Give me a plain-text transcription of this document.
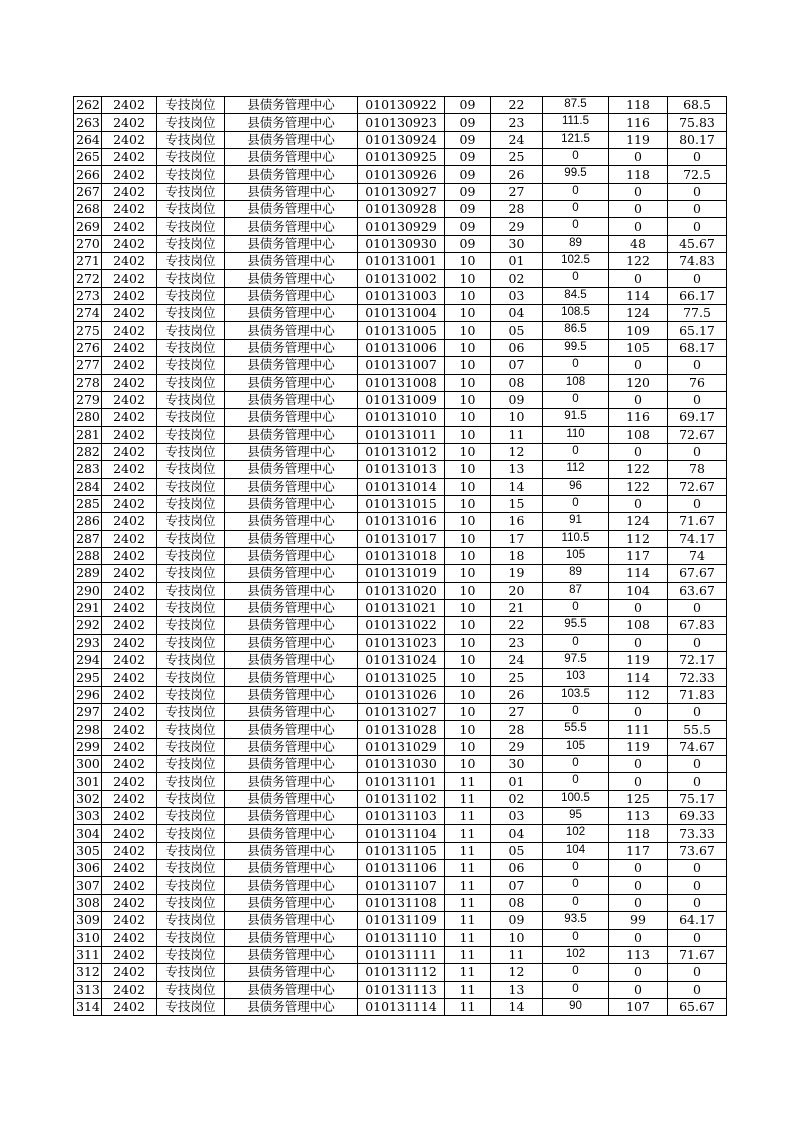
262	2402	专技岗位	县债务管理中心	010130922	09	22	87.5	118	68.5
263	2402	专技岗位	县债务管理中心	010130923	09	23	111.5	116	75.83
264	2402	专技岗位	县债务管理中心	010130924	09	24	121.5	119	80.17
265	2402	专技岗位	县债务管理中心	010130925	09	25	0	0	0
266	2402	专技岗位	县债务管理中心	010130926	09	26	99.5	118	72.5
267	2402	专技岗位	县债务管理中心	010130927	09	27	0	0	0
268	2402	专技岗位	县债务管理中心	010130928	09	28	0	0	0
269	2402	专技岗位	县债务管理中心	010130929	09	29	0	0	0
270	2402	专技岗位	县债务管理中心	010130930	09	30	89	48	45.67
271	2402	专技岗位	县债务管理中心	010131001	10	01	102.5	122	74.83
272	2402	专技岗位	县债务管理中心	010131002	10	02	0	0	0
273	2402	专技岗位	县债务管理中心	010131003	10	03	84.5	114	66.17
274	2402	专技岗位	县债务管理中心	010131004	10	04	108.5	124	77.5
275	2402	专技岗位	县债务管理中心	010131005	10	05	86.5	109	65.17
276	2402	专技岗位	县债务管理中心	010131006	10	06	99.5	105	68.17
277	2402	专技岗位	县债务管理中心	010131007	10	07	0	0	0
278	2402	专技岗位	县债务管理中心	010131008	10	08	108	120	76
279	2402	专技岗位	县债务管理中心	010131009	10	09	0	0	0
280	2402	专技岗位	县债务管理中心	010131010	10	10	91.5	116	69.17
281	2402	专技岗位	县债务管理中心	010131011	10	11	110	108	72.67
282	2402	专技岗位	县债务管理中心	010131012	10	12	0	0	0
283	2402	专技岗位	县债务管理中心	010131013	10	13	112	122	78
284	2402	专技岗位	县债务管理中心	010131014	10	14	96	122	72.67
285	2402	专技岗位	县债务管理中心	010131015	10	15	0	0	0
286	2402	专技岗位	县债务管理中心	010131016	10	16	91	124	71.67
287	2402	专技岗位	县债务管理中心	010131017	10	17	110.5	112	74.17
288	2402	专技岗位	县债务管理中心	010131018	10	18	105	117	74
289	2402	专技岗位	县债务管理中心	010131019	10	19	89	114	67.67
290	2402	专技岗位	县债务管理中心	010131020	10	20	87	104	63.67
291	2402	专技岗位	县债务管理中心	010131021	10	21	0	0	0
292	2402	专技岗位	县债务管理中心	010131022	10	22	95.5	108	67.83
293	2402	专技岗位	县债务管理中心	010131023	10	23	0	0	0
294	2402	专技岗位	县债务管理中心	010131024	10	24	97.5	119	72.17
295	2402	专技岗位	县债务管理中心	010131025	10	25	103	114	72.33
296	2402	专技岗位	县债务管理中心	010131026	10	26	103.5	112	71.83
297	2402	专技岗位	县债务管理中心	010131027	10	27	0	0	0
298	2402	专技岗位	县债务管理中心	010131028	10	28	55.5	111	55.5
299	2402	专技岗位	县债务管理中心	010131029	10	29	105	119	74.67
300	2402	专技岗位	县债务管理中心	010131030	10	30	0	0	0
301	2402	专技岗位	县债务管理中心	010131101	11	01	0	0	0
302	2402	专技岗位	县债务管理中心	010131102	11	02	100.5	125	75.17
303	2402	专技岗位	县债务管理中心	010131103	11	03	95	113	69.33
304	2402	专技岗位	县债务管理中心	010131104	11	04	102	118	73.33
305	2402	专技岗位	县债务管理中心	010131105	11	05	104	117	73.67
306	2402	专技岗位	县债务管理中心	010131106	11	06	0	0	0
307	2402	专技岗位	县债务管理中心	010131107	11	07	0	0	0
308	2402	专技岗位	县债务管理中心	010131108	11	08	0	0	0
309	2402	专技岗位	县债务管理中心	010131109	11	09	93.5	99	64.17
310	2402	专技岗位	县债务管理中心	010131110	11	10	0	0	0
311	2402	专技岗位	县债务管理中心	010131111	11	11	102	113	71.67
312	2402	专技岗位	县债务管理中心	010131112	11	12	0	0	0
313	2402	专技岗位	县债务管理中心	010131113	11	13	0	0	0
314	2402	专技岗位	县债务管理中心	010131114	11	14	90	107	65.67
